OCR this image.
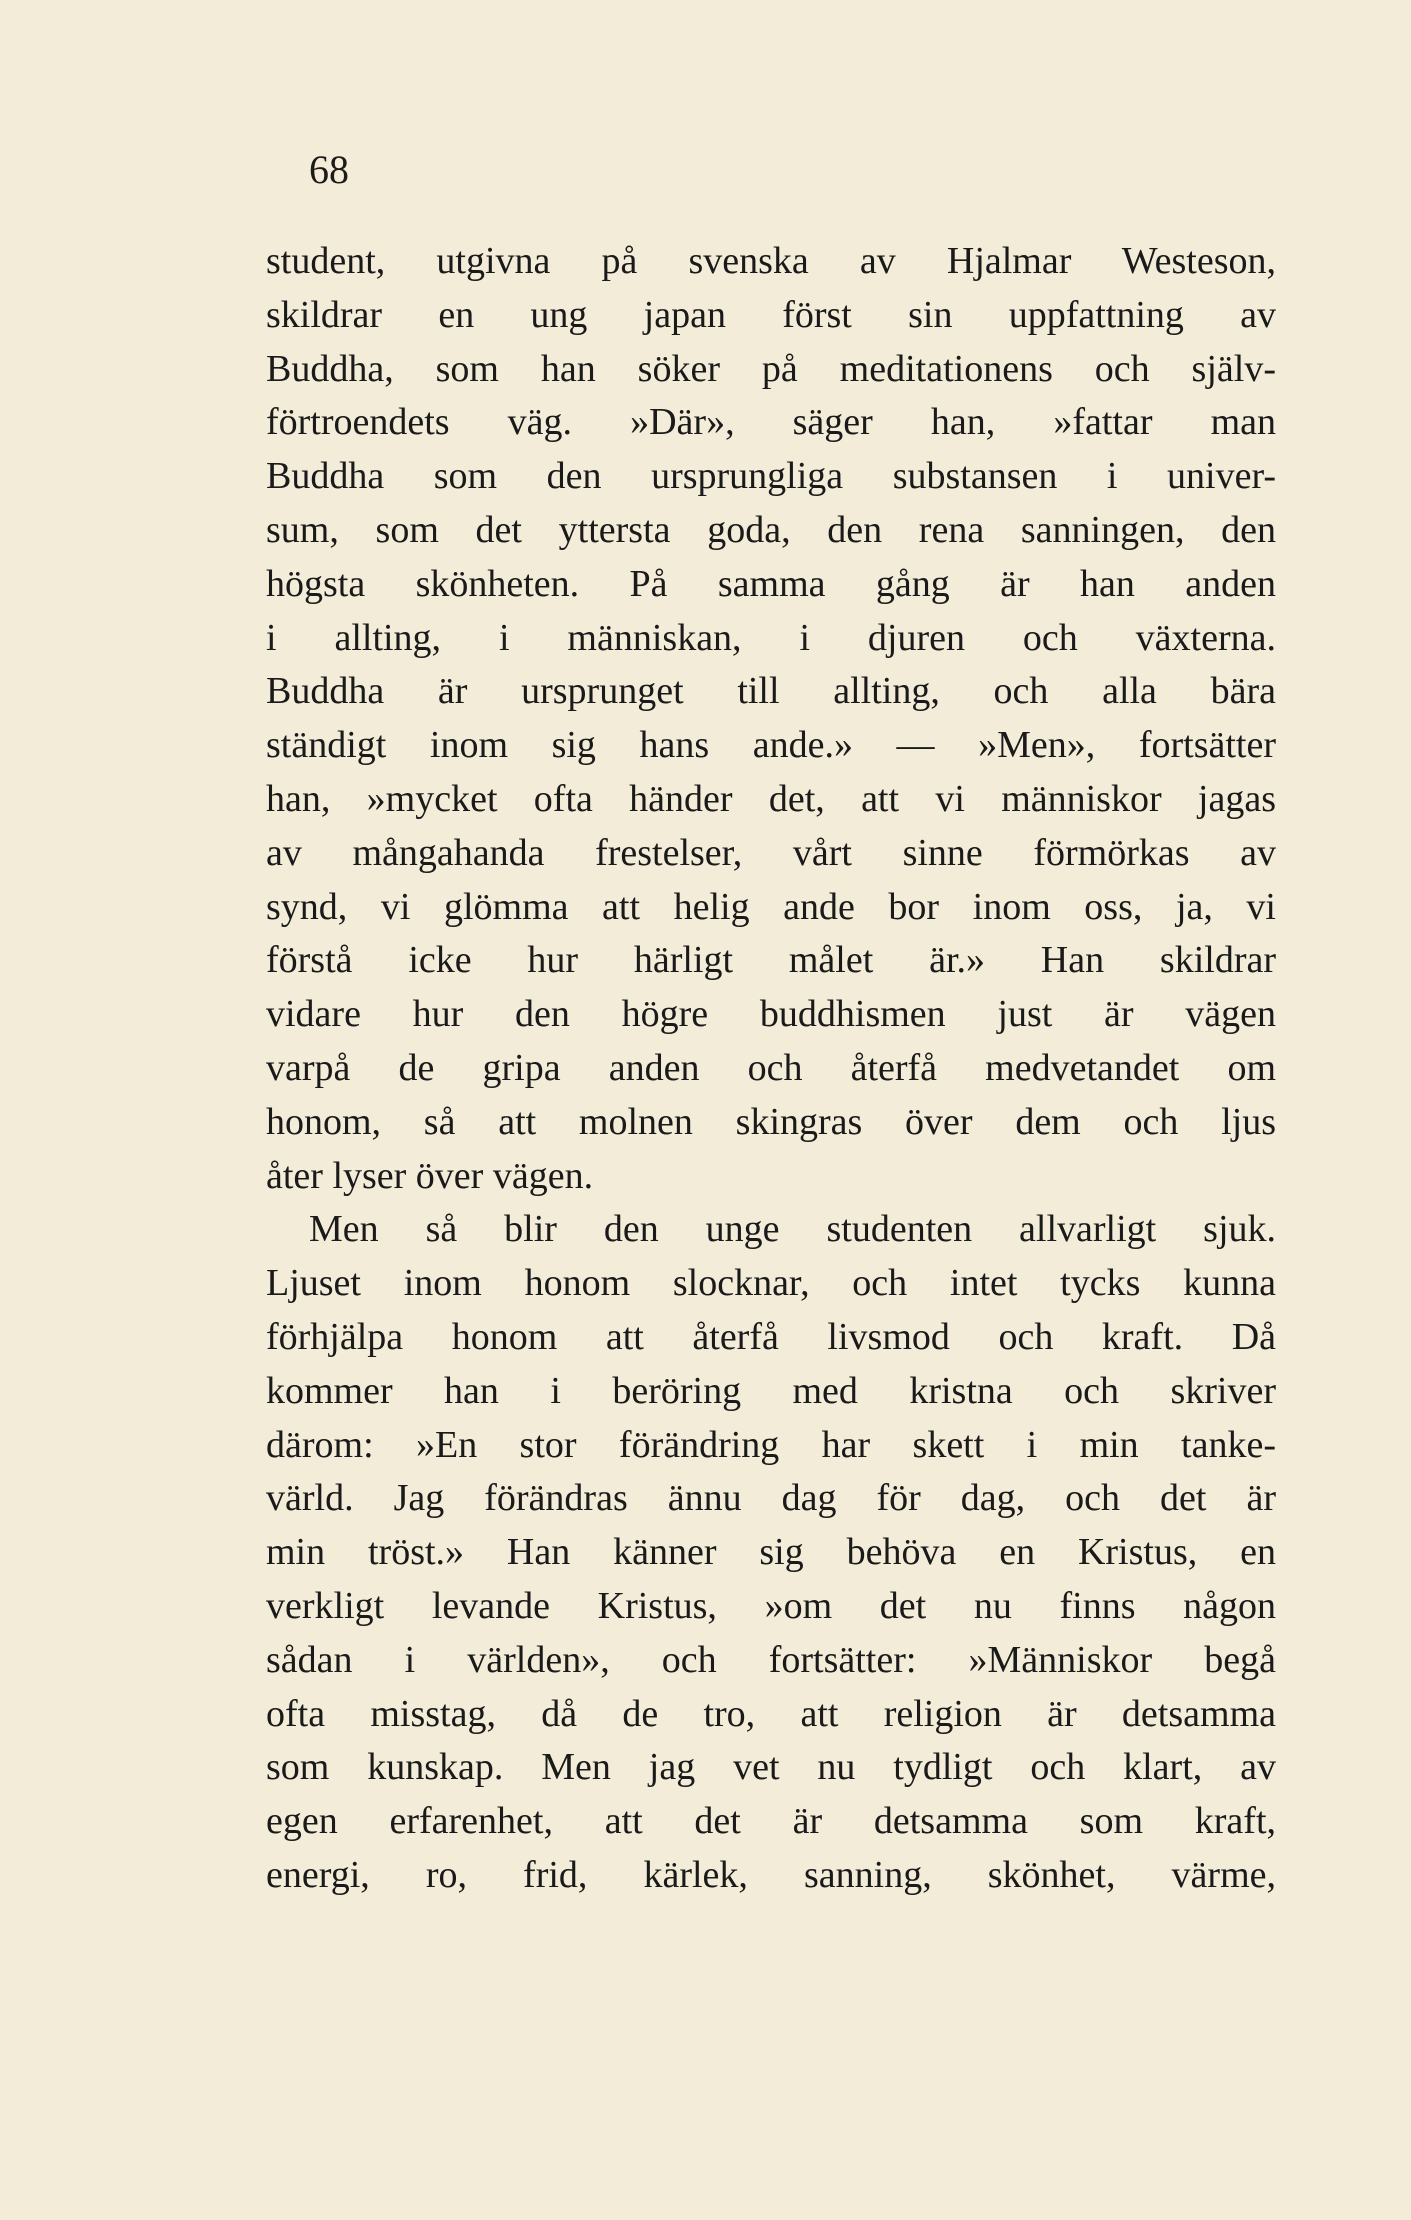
68
student, utgivna på svenska av Hjalmar Westeson,
skildrar en ung japan först sin uppfattning av
Buddha, som han söker på meditationens och själv-
förtroendets väg. »Där», säger han, »fattar man
Buddha som den ursprungliga substansen i univer-
sum, som det yttersta goda, den rena sanningen, den
högsta skönheten. På samma gång är han anden
i allting, i människan, i djuren och växterna.
Buddha är ursprunget till allting, och alla bära
ständigt inom sig hans ande.» — »Men», fortsätter
han, »mycket ofta händer det, att vi människor jagas
av mångahanda frestelser, vårt sinne förmörkas av
synd, vi glömma att helig ande bor inom oss, ja, vi
förstå icke hur härligt målet är.» Han skildrar
vidare hur den högre buddhismen just är vägen
varpå de gripa anden och återfå medvetandet om
honom, så att molnen skingras över dem och ljus
åter lyser över vägen.
Men så blir den unge studenten allvarligt sjuk.
Ljuset inom honom slocknar, och intet tycks kunna
förhjälpa honom att återfå livsmod och kraft. Då
kommer han i beröring med kristna och skriver
därom: »En stor förändring har skett i min tanke-
värld. Jag förändras ännu dag för dag, och det är
min tröst.» Han känner sig behöva en Kristus, en
verkligt levande Kristus, »om det nu finns någon
sådan i världen», och fortsätter: »Människor begå
ofta misstag, då de tro, att religion är detsamma
som kunskap. Men jag vet nu tydligt och klart, av
egen erfarenhet, att det är detsamma som kraft,
energi, ro, frid, kärlek, sanning, skönhet, värme,
